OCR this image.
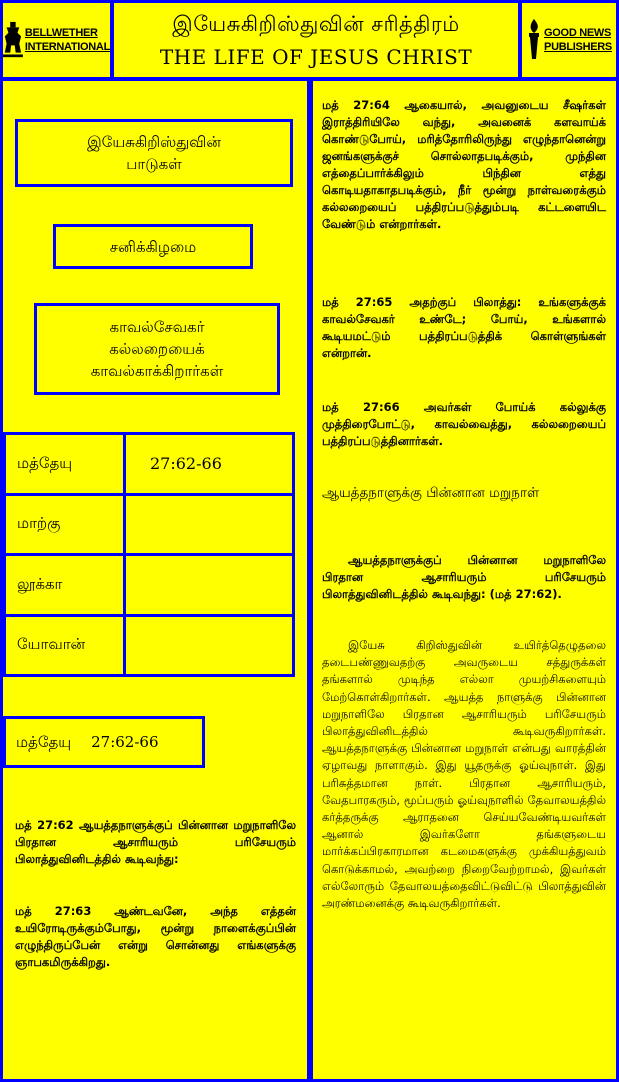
BELLWETHER
INTERNATIONAL
இயேசுகிறிஸ்துவின் சரித்திரம்
THE LIFE OF JESUS CHRIST
GOOD NEWS
PUBLISHERS
இயேசுகிறிஸ்துவின்
பாடுகள்
சனிக்கிழமை
காவல்சேவகர்
கல்லறையைக்
காவல்காக்கிறார்கள்
மத்தேயு	27:62-66
மாற்கு	
லூக்கா	
யோவான்	
மத்தேயு 27:62-66
மத் 27:62 ஆயத்தநாளுக்குப் பின்னான மறுநாளிலே பிரதான ஆசாரியரும் பரிசேயரும் பிலாத்துவினிடத்தில் கூடிவந்து:
மத் 27:63 ஆண்டவனே, அந்த எத்தன் உயிரோடிருக்கும்போது, மூன்று நாளைக்குப்பின் எழுந்திருப்பேன் என்று சொன்னது எங்களுக்கு ஞாபகமிருக்கிறது.
மத் 27:64 ஆகையால், அவனுடைய சீஷர்கள் இராத்திரியிலே வந்து, அவனைக் களவாய்க் கொண்டுபோய், மரித்தோரிலிருந்து எழுந்தானென்று ஜனங்களுக்குச் சொல்லாதபடிக்கும், முந்தின எத்தைப்பார்க்கிலும் பிந்தின எத்து கொடியதாகாதபடிக்கும், நீர் மூன்று நாள்வரைக்கும் கல்லறையைப் பத்திரப்படுத்தும்படி கட்டளையிட வேண்டும் என்றார்கள்.
மத் 27:65 அதற்குப் பிலாத்து: உங்களுக்குக் காவல்சேவகர் உண்டே; போய், உங்களால் கூடியமட்டும் பத்திரப்படுத்திக் கொள்ளுங்கள் என்றான்.
மத் 27:66 அவர்கள் போய்க் கல்லுக்கு முத்திரைபோட்டு, காவல்வைத்து, கல்லறையைப் பத்திரப்படுத்தினார்கள்.
ஆயத்தநாளுக்கு பின்னான மறுநாள்
ஆயத்தநாளுக்குப் பின்னான மறுநாளிலே பிரதான ஆசாரியரும் பரிசேயரும் பிலாத்துவினிடத்தில் கூடிவந்து: (மத் 27:62).
இயேசு கிறிஸ்துவின் உயிர்த்தெழுதலை தடைபண்ணுவதற்கு அவருடைய சத்துருக்கள் தங்களால் முடிந்த எல்லா முயற்சிகளையும் மேற்கொள்கிறார்கள். ஆயத்த நாளுக்கு பின்னான மறுநாளிலே பிரதான ஆசாரியரும் பரிசேயரும் பிலாத்துவினிடத்தில் கூடிவருகிறார்கள். ஆயத்தநாளுக்கு பின்னான மறுநாள் என்பது வாரத்தின் ஏழாவது நாளாகும். இது யூதருக்கு ஓய்வுநாள். இது பரிசுத்தமான நாள். பிரதான ஆசாரியரும், வேதபாரகரும், மூப்பரும் ஓய்வுநாளில் தேவாலயத்தில் கர்த்தருக்கு ஆராதனை செய்யவேண்டியவர்கள் ஆனால் இவர்களோ தங்களுடைய மார்க்கப்பிரகாரமான கடமைகளுக்கு முக்கியத்துவம் கொடுக்காமல், அவற்றை நிறைவேற்றாமல், இவர்கள் எல்லோரும் தேவாலயத்தைவிட்டுவிட்டு பிலாத்துவின் அரண்மனைக்கு கூடிவருகிறார்கள்.
